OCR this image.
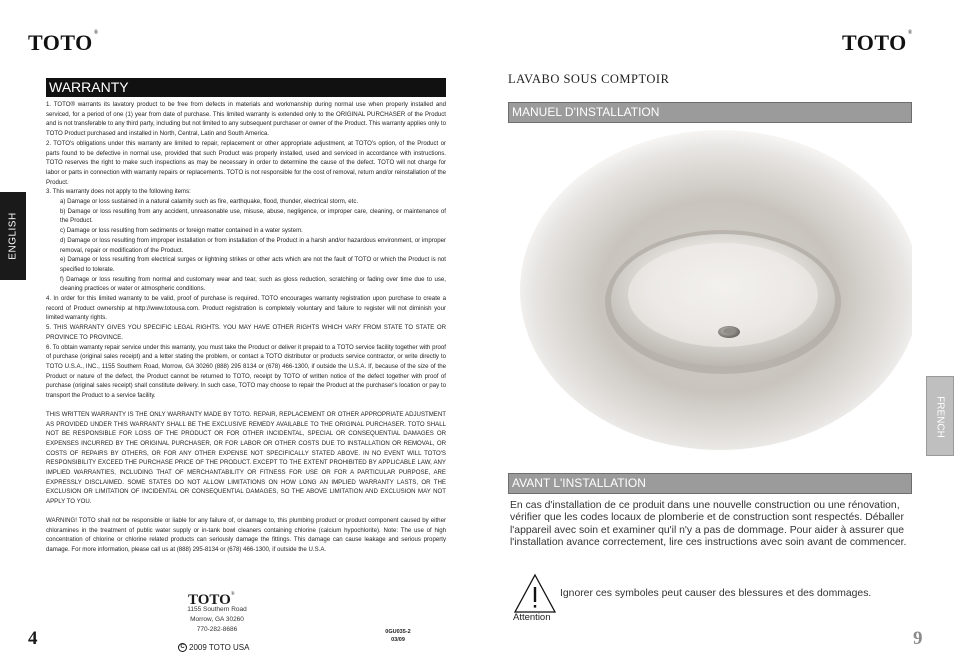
TOTO®	TOTO®
WARRANTY
ENGLISH

1. TOTO® warrants its lavatory product to be free from defects in materials and workmanship during normal use when properly installed and serviced, for a period of one (1) year from date of purchase. This limited warranty is extended only to the ORIGINAL PURCHASER of the Product and is not transferable to any third party, including but not limited to any subsequent purchaser or owner of the Product. This warranty applies only to TOTO Product purchased and installed in North, Central, Latin and South America.

2. TOTO's obligations under this warranty are limited to repair, replacement or other appropriate adjustment, at TOTO's option, of the Product or parts found to be defective in normal use, provided that such Product was properly installed, used and serviced in accordance with instructions. TOTO reserves the right to make such inspections as may be necessary in order to determine the cause of the defect. TOTO will not charge for labor or parts in connection with warranty repairs or replacements. TOTO is not responsible for the cost of removal, return and/or reinstallation of the Product.

3. This warranty does not apply to the following items:

a) Damage or loss sustained in a natural calamity such as fire, earthquake, flood, thunder, electrical storm, etc.

b) Damage or loss resulting from any accident, unreasonable use, misuse, abuse, negligence, or improper care, cleaning, or maintenance of the Product.

c) Damage or loss resulting from sediments or foreign matter contained in a water system.

d) Damage or loss resulting from improper installation or from installation of the Product in a harsh and/or hazardous environment, or improper removal, repair or modification of the Product.

e) Damage or loss resulting from electrical surges or lightning strikes or other acts which are not the fault of TOTO or which the Product is not specified to tolerate.

f) Damage or loss resulting from normal and customary wear and tear, such as gloss reduction, scratching or fading over time due to use, cleaning practices or water or atmospheric conditions.

4. In order for this limited warranty to be valid, proof of purchase is required. TOTO encourages warranty registration upon purchase to create a record of Product ownership at http://www.totousa.com. Product registration is completely voluntary and failure to register will not diminish your limited warranty rights.

5. THIS WARRANTY GIVES YOU SPECIFIC LEGAL RIGHTS. YOU MAY HAVE OTHER RIGHTS WHICH VARY FROM STATE TO STATE OR PROVINCE TO PROVINCE.

6. To obtain warranty repair service under this warranty, you must take the Product or deliver it prepaid to a TOTO service facility together with proof of purchase (original sales receipt) and a letter stating the problem, or contact a TOTO distributor or products service contractor, or write directly to TOTO U.S.A., INC., 1155 Southern Road, Morrow, GA 30260 (888) 295 8134 or (678) 466-1300, if outside the U.S.A. If, because of the size of the Product or nature of the defect, the Product cannot be returned to TOTO, receipt by TOTO of written notice of the defect together with proof of purchase (original sales receipt) shall constitute delivery. In such case, TOTO may choose to repair the Product at the purchaser's location or pay to transport the Product to a service facility.

THIS WRITTEN WARRANTY IS THE ONLY WARRANTY MADE BY TOTO. REPAIR, REPLACEMENT OR OTHER APPROPRIATE ADJUSTMENT AS PROVIDED UNDER THIS WARRANTY SHALL BE THE EXCLUSIVE REMEDY AVAILABLE TO THE ORIGINAL PURCHASER. TOTO SHALL NOT BE RESPONSIBLE FOR LOSS OF THE PRODUCT OR FOR OTHER INCIDENTAL, SPECIAL OR CONSEQUENTIAL DAMAGES OR EXPENSES INCURRED BY THE ORIGINAL PURCHASER, OR FOR LABOR OR OTHER COSTS DUE TO INSTALLATION OR REMOVAL, OR COSTS OF REPAIRS BY OTHERS, OR FOR ANY OTHER EXPENSE NOT SPECIFICALLY STATED ABOVE. IN NO EVENT WILL TOTO'S RESPONSIBILITY EXCEED THE PURCHASE PRICE OF THE PRODUCT. EXCEPT TO THE EXTENT PROHIBITED BY APPLICABLE LAW, ANY IMPLIED WARRANTIES, INCLUDING THAT OF MERCHANTABILITY OR FITNESS FOR USE OR FOR A PARTICULAR PURPOSE, ARE EXPRESSLY DISCLAIMED. SOME STATES DO NOT ALLOW LIMITATIONS ON HOW LONG AN IMPLIED WARRANTY LASTS, OR THE EXCLUSION OR LIMITATION OF INCIDENTAL OR CONSEQUENTIAL DAMAGES, SO THE ABOVE LIMITATION AND EXCLUSION MAY NOT APPLY TO YOU.

WARNING! TOTO shall not be responsible or liable for any failure of, or damage to, this plumbing product or product component caused by either chloramines in the treatment of public water supply or in-tank bowl cleaners containing chlorine (calcium hypochlorite). Note: The use of high concentration of chlorine or chlorine related products can seriously damage the fittings. This damage can cause leakage and serious property damage. For more information, please call us at (888) 295-8134 or (678) 466-1300, if outside the U.S.A.

TOTO®
1155 Southern Road
Morrow, GA 30260
770-282-8686
C 2009 TOTO USA
0GU035-2
03/09
4
LAVABO SOUS COMPTOIR
MANUEL D'INSTALLATION
FRENCH
AVANT L'INSTALLATION
En cas d'installation de ce produit dans une nouvelle construction ou une rénovation, vérifier que les codes locaux de plomberie et de construction sont respectés. Déballer l'appareil avec soin et examiner qu'il n'y a pas de dommage. Pour aider à assurer que l'installation avance correctement, lire ces instructions avec soin avant de commencer.
Attention
Ignorer ces symboles peut causer des blessures et des dommages.
9
